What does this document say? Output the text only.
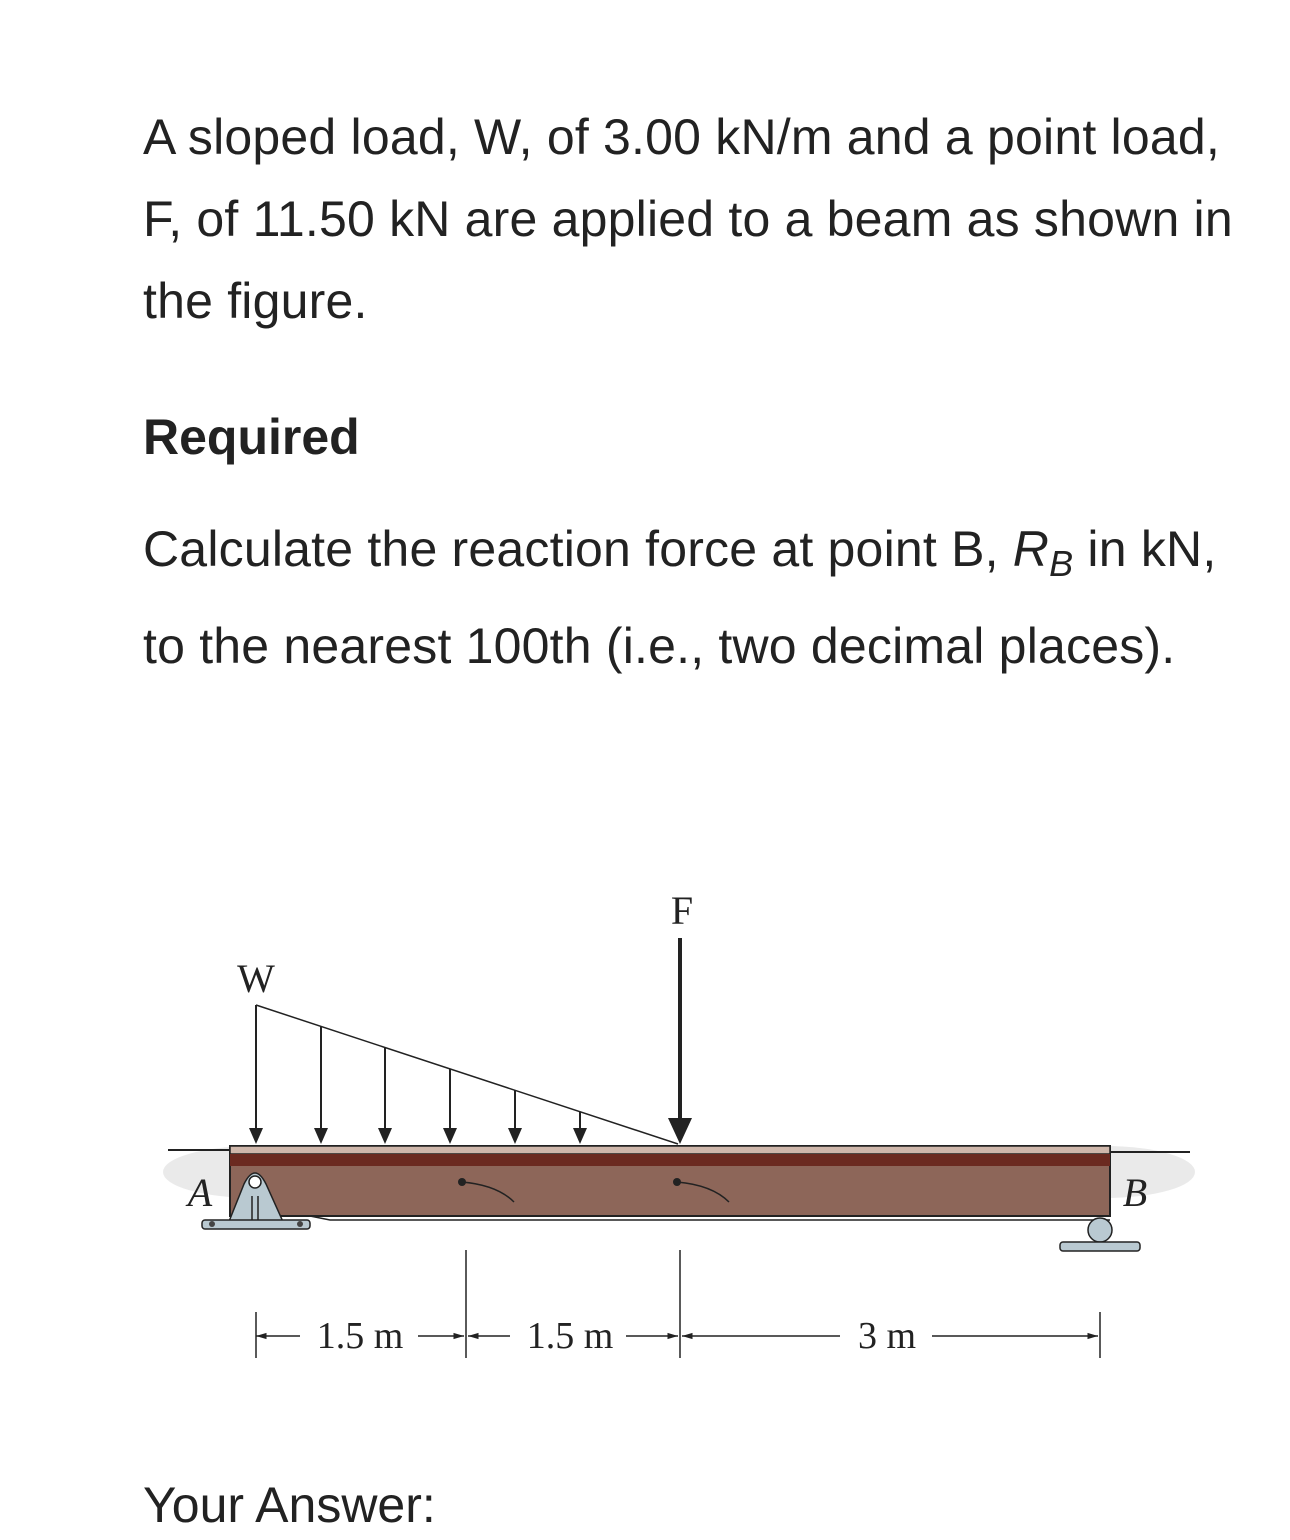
A sloped load, W, of 3.00 kN/m and a point load, F, of 11.50 kN are applied to a beam as shown in the figure.

Required

Calculate the reaction force at point B, $R_B$ in kN, to the nearest 100th (i.e., two decimal places).

W
F
A	B
1.5 m	1.5 m	3 m

Your Answer:
